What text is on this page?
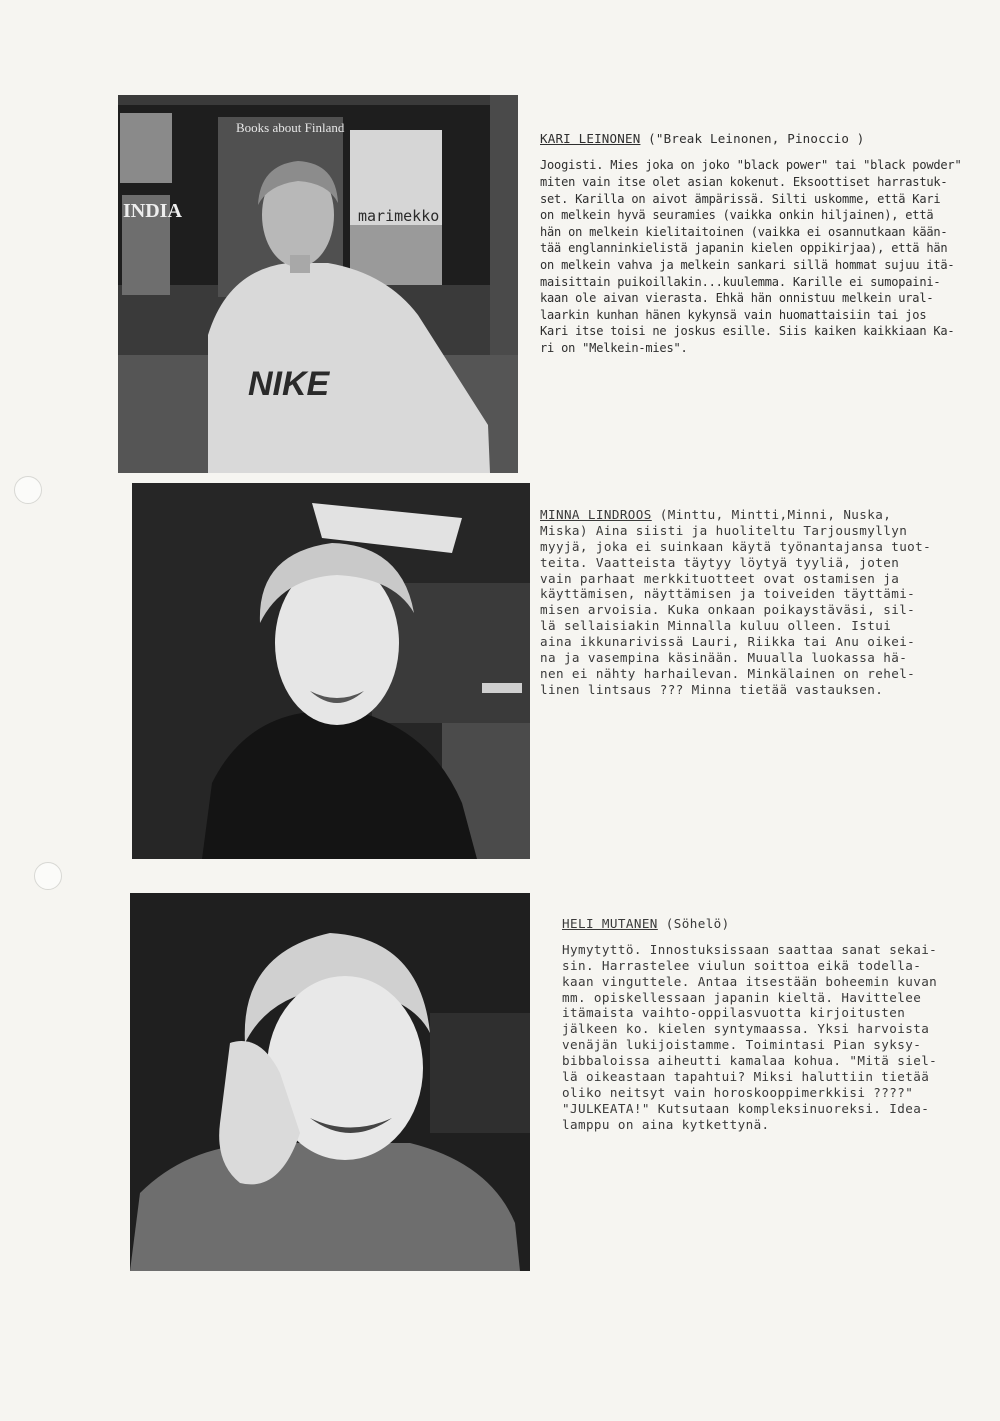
Books about Finland
INDIA	marimekko
NIKE

KARI LEINONEN ("Break Leinonen, Pinoccio )

Joogisti. Mies joka on joko "black power" tai "black powder"
miten vain itse olet asian kokenut. Eksoottiset harrastuk-
set. Karilla on aivot ämpärissä. Silti uskomme, että Kari
on melkein hyvä seuramies (vaikka onkin hiljainen), että
hän on melkein kielitaitoinen (vaikka ei osannutkaan kään-
tää englanninkielistä japanin kielen oppikirjaa), että hän
on melkein vahva ja melkein sankari sillä hommat sujuu itä-
maisittain puikoillakin...kuulemma. Karille ei sumopaini-
kaan ole aivan vierasta. Ehkä hän onnistuu melkein ural-
laarkin kunhan hänen kykynsä vain huomattaisiin tai jos
Kari itse toisi ne joskus esille. Siis kaiken kaikkiaan Ka-
ri on "Melkein-mies".

MINNA LINDROOS (Minttu, Mintti,Minni, Nuska,
Miska) Aina siisti ja huoliteltu Tarjousmyllyn
myyjä, joka ei suinkaan käytä työnantajansa tuot-
teita. Vaatteista täytyy löytyä tyyliä, joten
vain parhaat merkkituotteet ovat ostamisen ja
käyttämisen, näyttämisen ja toiveiden täyttämi-
misen arvoisia. Kuka onkaan poikaystäväsi, sil-
lä sellaisiakin Minnalla kuluu olleen. Istui
aina ikkunarivissä Lauri, Riikka tai Anu oikei-
na ja vasempina käsinään. Muualla luokassa hä-
nen ei nähty harhailevan. Minkälainen on rehel-
linen lintsaus ??? Minna tietää vastauksen.

HELI MUTANEN (Söhelö)

Hymytyttö. Innostuksissaan saattaa sanat sekai-
sin. Harrastelee viulun soittoa eikä todella-
kaan vinguttele. Antaa itsestään boheemin kuvan
mm. opiskellessaan japanin kieltä. Havittelee
itämaista vaihto-oppilasvuotta kirjoitusten
jälkeen ko. kielen syntymaassa. Yksi harvoista
venäjän lukijoistamme. Toimintasi Pian syksy-
bibbaloissa aiheutti kamalaa kohua. "Mitä siel-
lä oikeastaan tapahtui? Miksi haluttiin tietää
oliko neitsyt vain horoskooppimerkkisi ????"
"JULKEATA!" Kutsutaan kompleksinuoreksi. Idea-
lamppu on aina kytkettynä.
